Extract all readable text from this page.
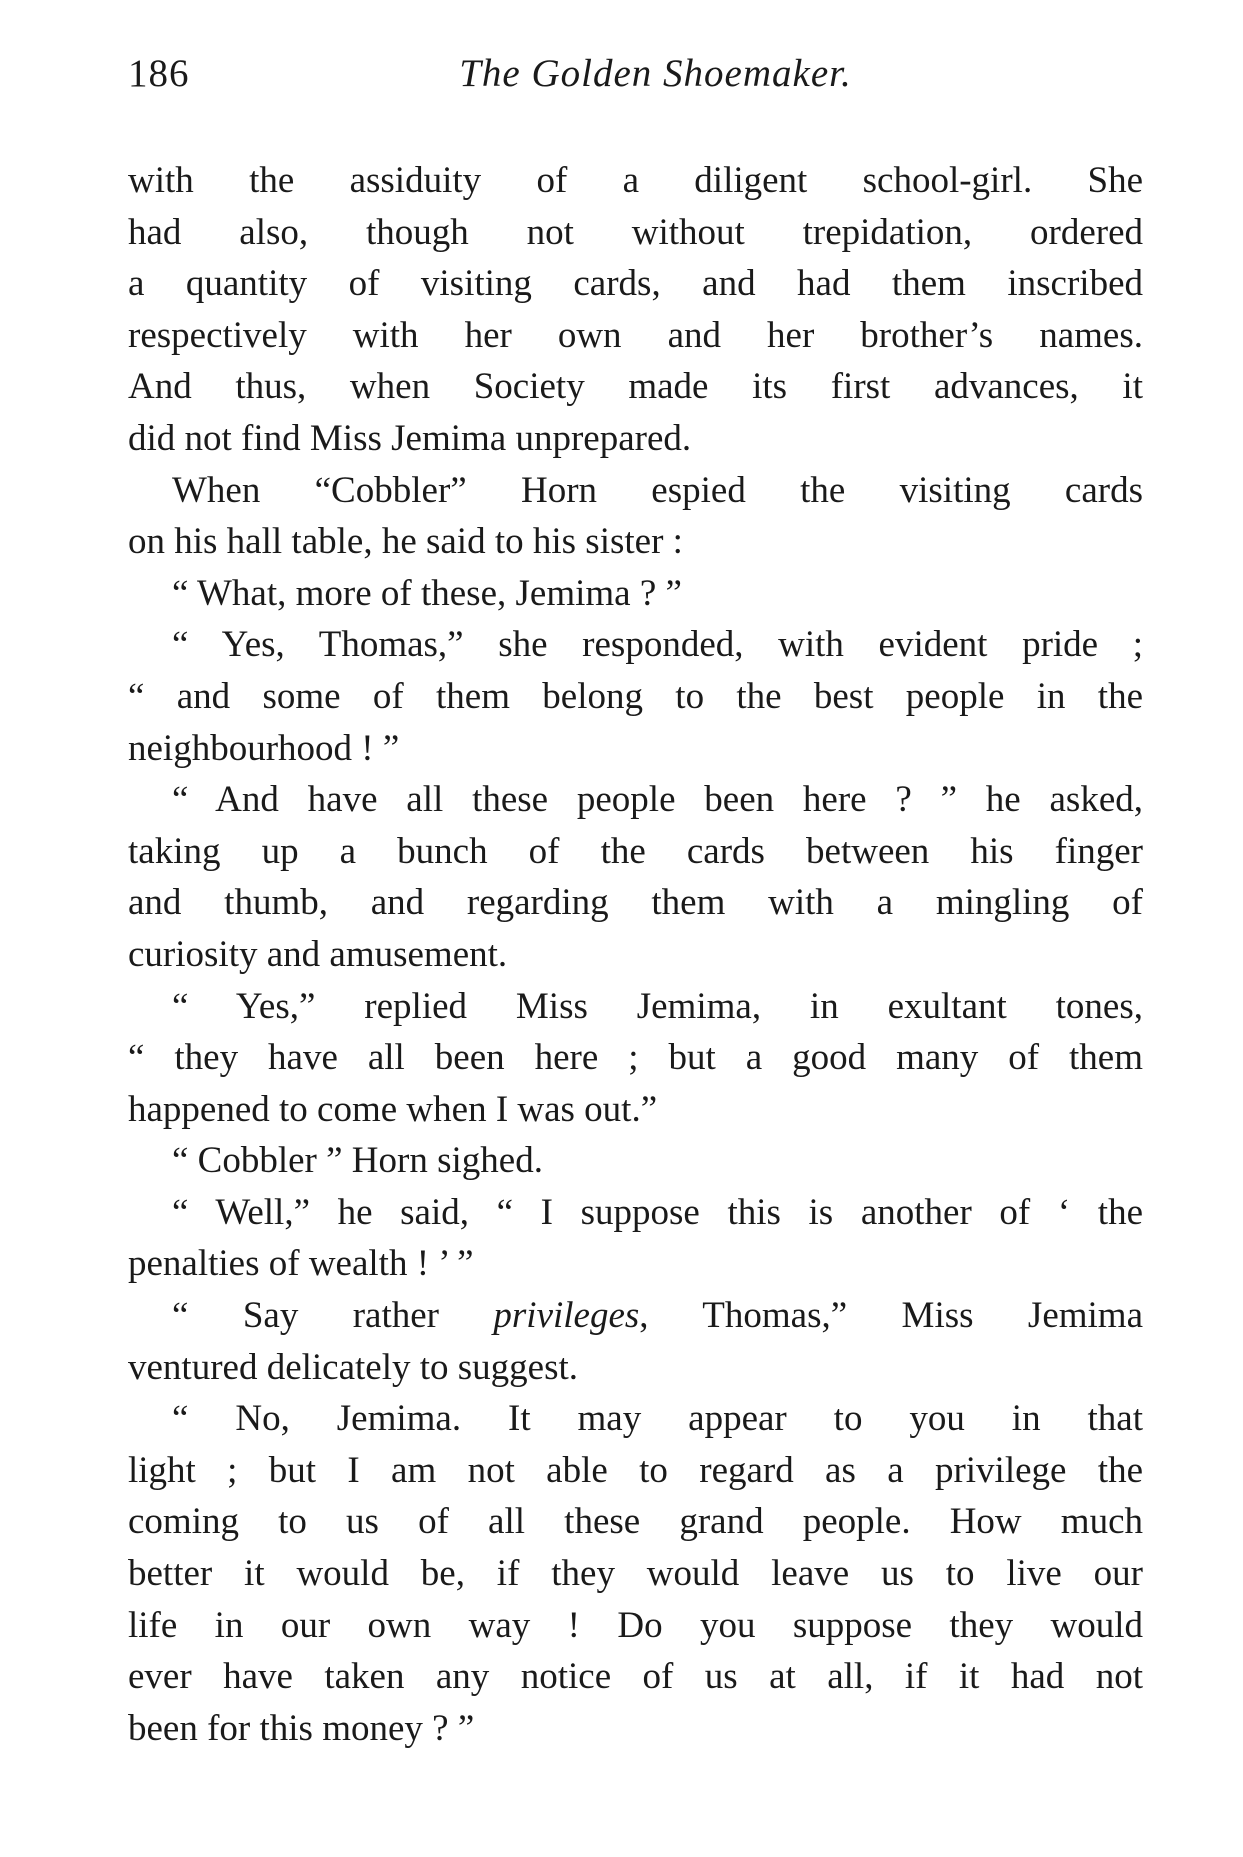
186	The Golden Shoemaker.
with the assiduity of a diligent school-girl. She
had also, though not without trepidation, ordered
a quantity of visiting cards, and had them inscribed
respectively with her own and her brother’s names.
And thus, when Society made its first advances, it
did not find Miss Jemima unprepared.
When “Cobbler” Horn espied the visiting cards
on his hall table, he said to his sister :
“ What, more of these, Jemima ? ”
“ Yes, Thomas,” she responded, with evident pride ;
“ and some of them belong to the best people in the
neighbourhood ! ”
“ And have all these people been here ? ” he asked,
taking up a bunch of the cards between his finger
and thumb, and regarding them with a mingling of
curiosity and amusement.
“ Yes,” replied Miss Jemima, in exultant tones,
“ they have all been here ; but a good many of them
happened to come when I was out.”
“ Cobbler ” Horn sighed.
“ Well,” he said, “ I suppose this is another of ‘ the
penalties of wealth ! ’ ”
“ Say rather privileges, Thomas,” Miss Jemima
ventured delicately to suggest.
“ No, Jemima. It may appear to you in that
light ; but I am not able to regard as a privilege the
coming to us of all these grand people. How much
better it would be, if they would leave us to live our
life in our own way ! Do you suppose they would
ever have taken any notice of us at all, if it had not
been for this money ? ”
